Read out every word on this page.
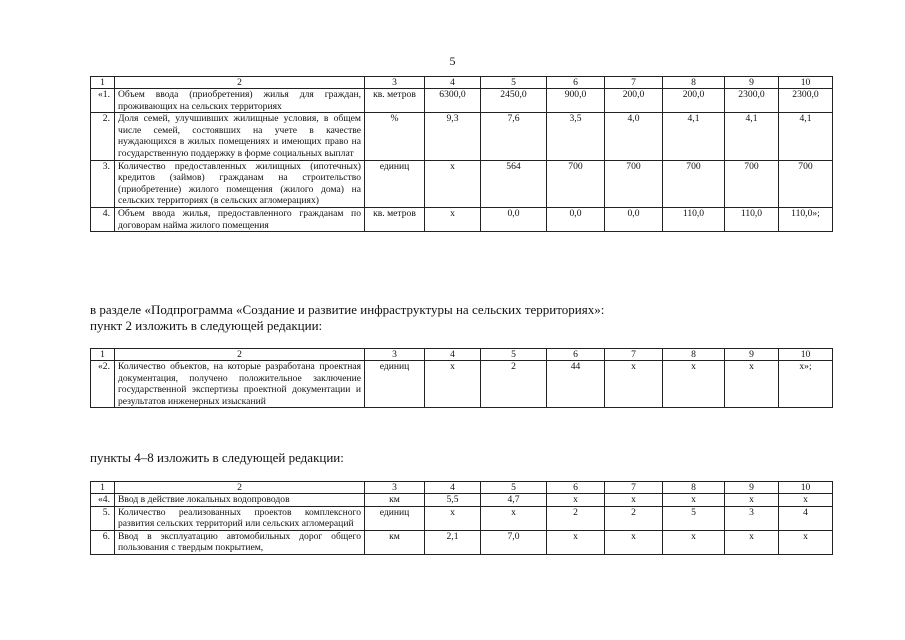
5
1	2	3	4	5	6	7	8	9	10
«1.	Объем ввода (приобретения) жилья для граждан, проживающих на сельских территориях	кв. метров	6300,0	2450,0	900,0	200,0	200,0	2300,0	2300,0
2.	Доля семей, улучшивших жилищные условия, в общем числе семей, состоявших на учете в качестве нуждающихся в жилых помещениях и имеющих право на государственную поддержку в форме социальных выплат	%	9,3	7,6	3,5	4,0	4,1	4,1	4,1
3.	Количество предоставленных жилищных (ипотечных) кредитов (займов) гражданам на строительство (приобретение) жилого помещения (жилого дома) на сельских территориях (в сельских агломерациях)	единиц	x	564	700	700	700	700	700
4.	Объем ввода жилья, предоставленного гражданам по договорам найма жилого помещения	кв. метров	x	0,0	0,0	0,0	110,0	110,0	110,0»;
в разделе «Подпрограмма «Создание и развитие инфраструктуры на сельских территориях»:
пункт 2 изложить в следующей редакции:
1	2	3	4	5	6	7	8	9	10
«2.	Количество объектов, на которые разработана проектная документация, получено положительное заключение государственной экспертизы проектной документации и результатов инженерных изысканий	единиц	x	2	44	x	x	x	x»;
пункты 4–8 изложить в следующей редакции:
1	2	3	4	5	6	7	8	9	10
«4.	Ввод в действие локальных водопроводов	км	5,5	4,7	x	x	x	x	x
5.	Количество реализованных проектов комплексного развития сельских территорий или сельских агломераций	единиц	x	x	2	2	5	3	4
6.	Ввод в эксплуатацию автомобильных дорог общего пользования с твердым покрытием,	км	2,1	7,0	x	x	x	x	x
